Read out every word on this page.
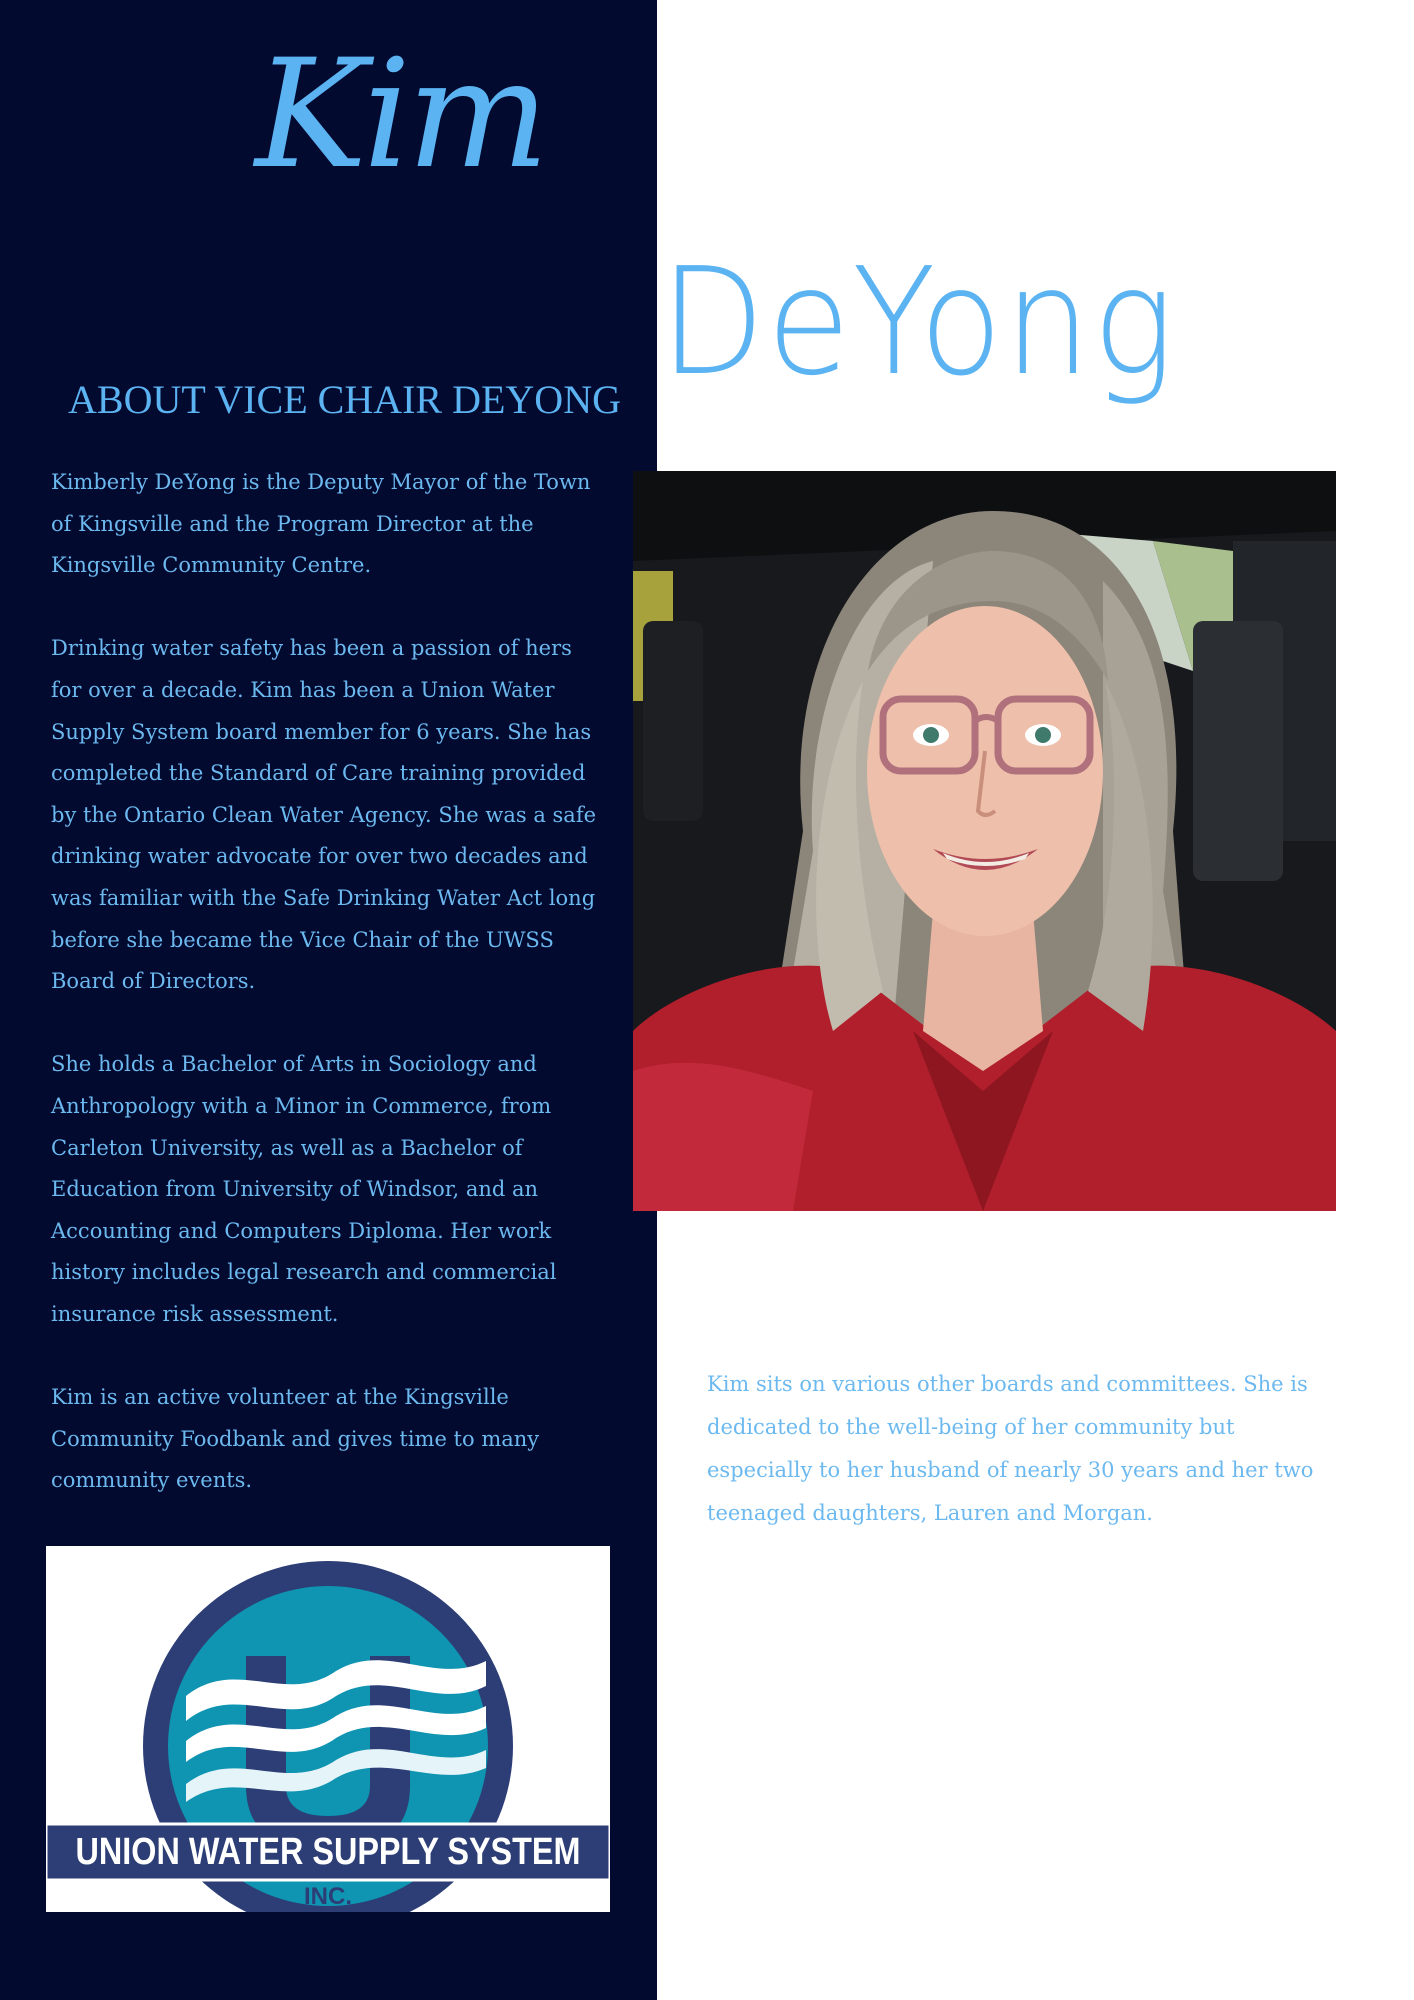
Kim
DeYong
ABOUT VICE CHAIR DEYONG

Kimberly DeYong is the Deputy Mayor of the Town of Kingsville and the Program Director at the Kingsville Community Centre.

Drinking water safety has been a passion of hers for over a decade. Kim has been a Union Water Supply System board member for 6 years. She has completed the Standard of Care training provided by the Ontario Clean Water Agency. She was a safe drinking water advocate for over two decades and was familiar with the Safe Drinking Water Act long before she became the Vice Chair of the UWSS Board of Directors.

She holds a Bachelor of Arts in Sociology and Anthropology with a Minor in Commerce, from Carleton University, as well as a Bachelor of Education from University of Windsor, and an Accounting and Computers Diploma. Her work history includes legal research and commercial insurance risk assessment.

Kim is an active volunteer at the Kingsville Community Foodbank and gives time to many community events.

Kim sits on various other boards and committees. She is dedicated to the well-being of her community but especially to her husband of nearly 30 years and her two teenaged daughters, Lauren and Morgan.
UNION WATER SUPPLY SYSTEM
INC.
